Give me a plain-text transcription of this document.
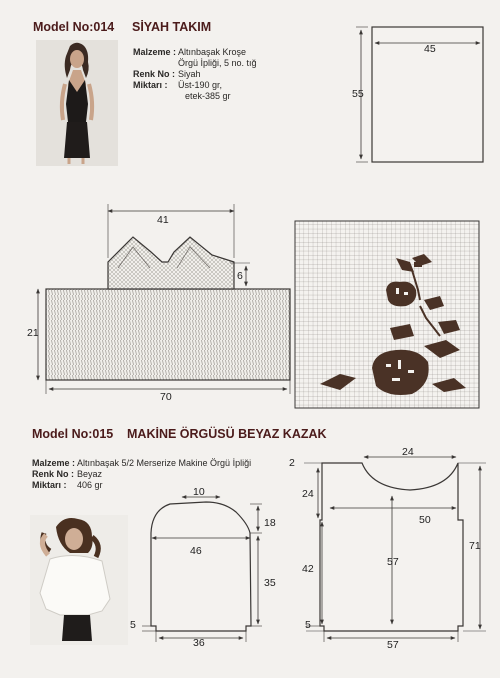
Model No:014 SİYAH TAKIM
Malzeme : Altınbaşak Kroşe
Örgü İpliği, 5 no. tığ
Renk No : Siyah
Miktarı : Üst-190 gr,
etek-385 gr
45
55
41
6
21
70
Model No:015 MAKİNE ÖRGÜSÜ BEYAZ KAZAK
Malzeme : Altınbaşak 5/2 Merserize Makine Örgü İpliği
Renk No : Beyaz
Miktarı : 406 gr
10
18
46
35
5
36
24
2
24
50
57
42
71
5
57
